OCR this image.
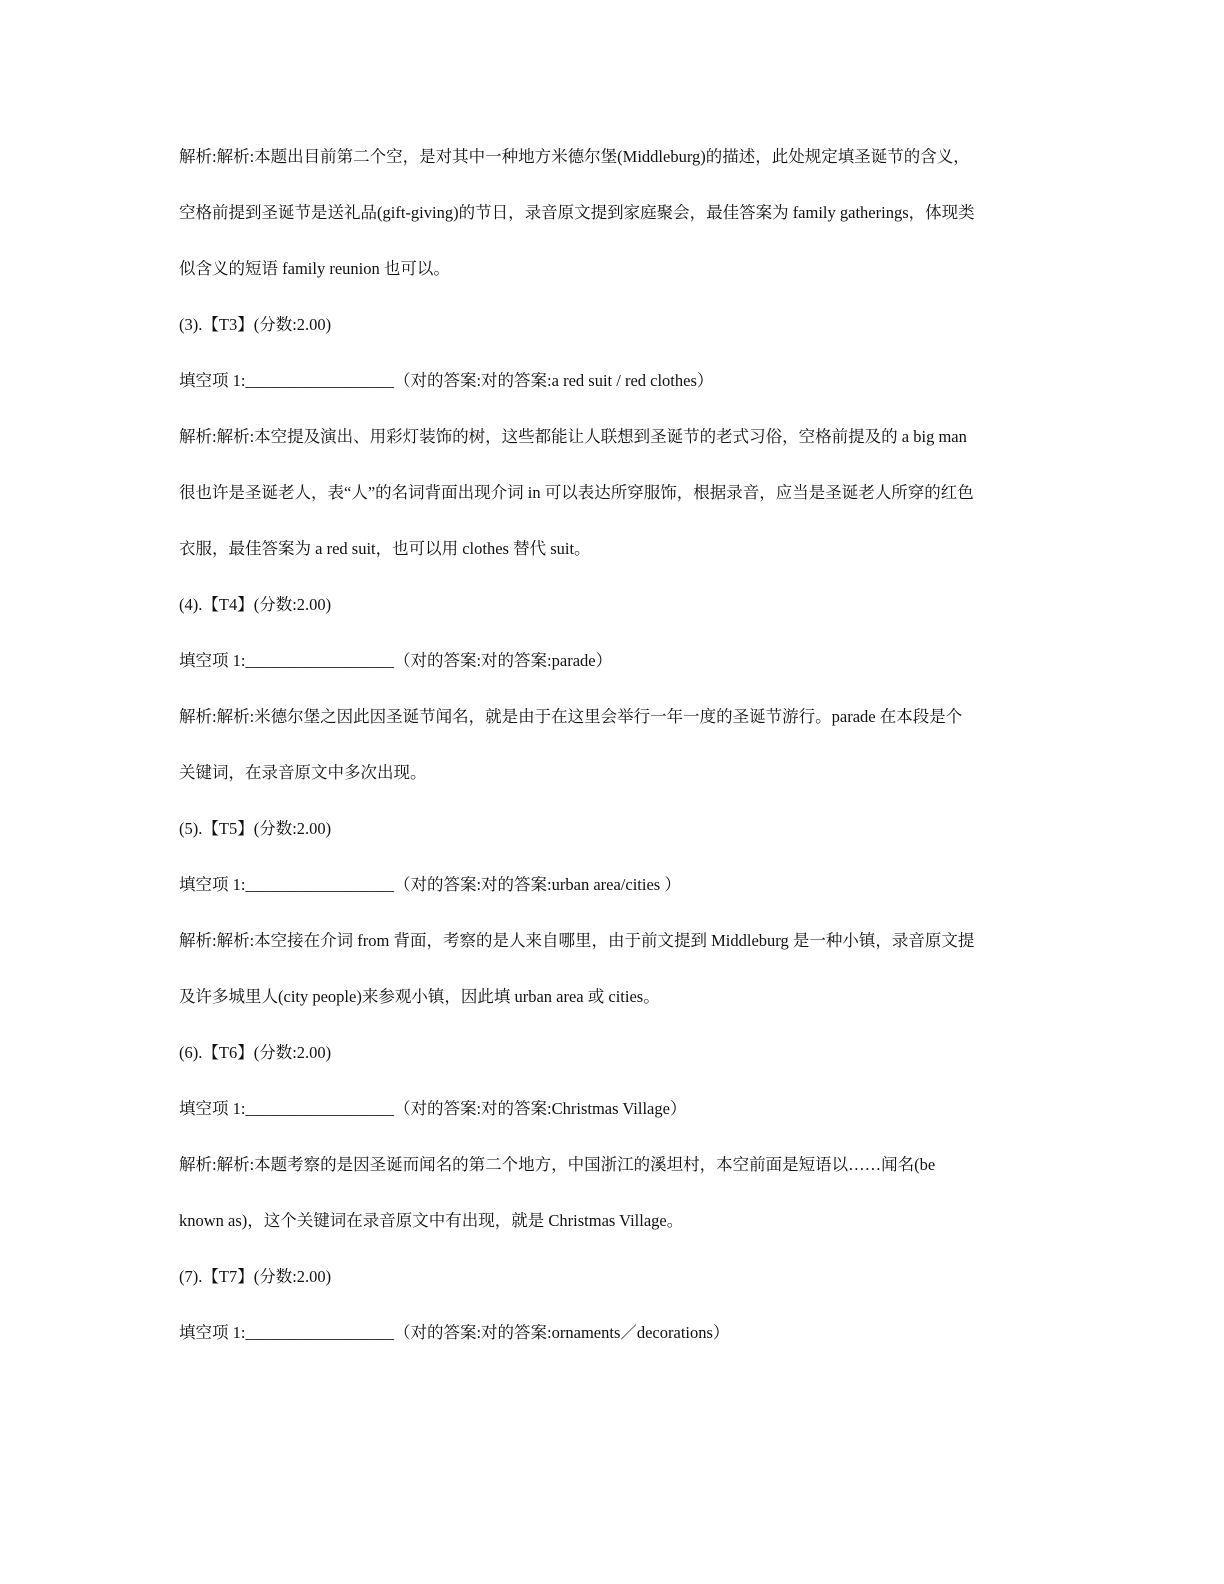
解析:解析:本题出目前第二个空，是对其中一种地方米德尔堡(Middleburg)的描述，此处规定填圣诞节的含义，
空格前提到圣诞节是送礼品(gift-giving)的节日，录音原文提到家庭聚会，最佳答案为 family gatherings，体现类
似含义的短语 family reunion 也可以。
(3).【T3】(分数:2.00)
填空项 1:__________________（对的答案:对的答案:a red suit / red clothes）
解析:解析:本空提及演出、用彩灯装饰的树，这些都能让人联想到圣诞节的老式习俗，空格前提及的 a big man
很也许是圣诞老人，表“人”的名词背面出现介词 in 可以表达所穿服饰，根据录音，应当是圣诞老人所穿的红色
衣服，最佳答案为 a red suit，也可以用 clothes 替代 suit。
(4).【T4】(分数:2.00)
填空项 1:__________________（对的答案:对的答案:parade）
解析:解析:米德尔堡之因此因圣诞节闻名，就是由于在这里会举行一年一度的圣诞节游行。parade 在本段是个
关键词，在录音原文中多次出现。
(5).【T5】(分数:2.00)
填空项 1:__________________（对的答案:对的答案:urban area/cities ）
解析:解析:本空接在介词 from 背面，考察的是人来自哪里，由于前文提到 Middleburg 是一种小镇，录音原文提
及许多城里人(city people)来参观小镇，因此填 urban area 或 cities。
(6).【T6】(分数:2.00)
填空项 1:__________________（对的答案:对的答案:Christmas Village）
解析:解析:本题考察的是因圣诞而闻名的第二个地方，中国浙江的溪坦村，本空前面是短语以……闻名(be
known as)，这个关键词在录音原文中有出现，就是 Christmas Village。
(7).【T7】(分数:2.00)
填空项 1:__________________（对的答案:对的答案:ornaments／decorations）
